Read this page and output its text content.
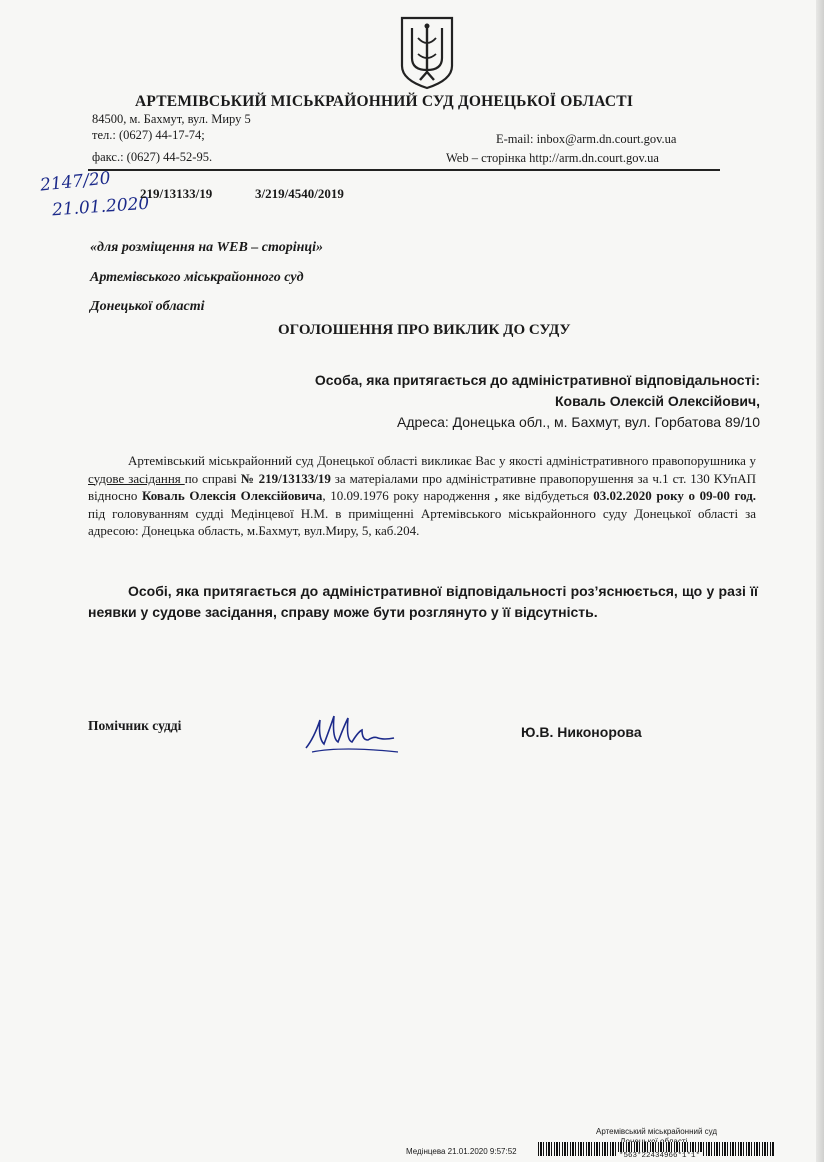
АРТЕМІВСЬКИЙ МІСЬКРАЙОННИЙ СУД ДОНЕЦЬКОЇ ОБЛАСТІ
84500, м. Бахмут, вул. Миру 5
тел.: (0627) 44-17-74;
факс.: (0627) 44-52-95.
E-mail: inbox@arm.dn.court.gov.ua
Web – сторінка http://arm.dn.court.gov.ua
2147/20
21.01.2020
219/13133/19	3/219/4540/2019
«для розміщення на WEB – сторінці»
Артемівського міськрайонного суд
Донецької області
ОГОЛОШЕННЯ ПРО ВИКЛИК ДО СУДУ
Особа, яка притягається до адміністративної відповідальності:
Коваль Олексій Олексійович,
Адреса: Донецька обл., м. Бахмут, вул. Горбатова 89/10
Артемівський міськрайонний суд Донецької області викликає Вас у якості адміністративного правопорушника у судове засідання по справі № 219/13133/19 за матеріалами про адміністративне правопорушення за ч.1 ст. 130 КУпАП відносно Коваль Олексія Олексійовича, 10.09.1976 року народження , яке відбудеться 03.02.2020 року о 09-00 год. під головуванням судді Медінцевої Н.М. в приміщенні Артемівського міськрайонного суду Донецької області за адресою: Донецька область, м.Бахмут, вул.Миру, 5, каб.204.
Особі, яка притягається до адміністративної відповідальності роз’яснюється, що у разі її неявки у судове засідання, справу може бути розглянуто у її відсутність.
Помічник судді	Ю.В. Никонорова
Артемівський міськрайонний суд
Медінцева 21.01.2020 9:57:52	*563*22434966*1*1*
